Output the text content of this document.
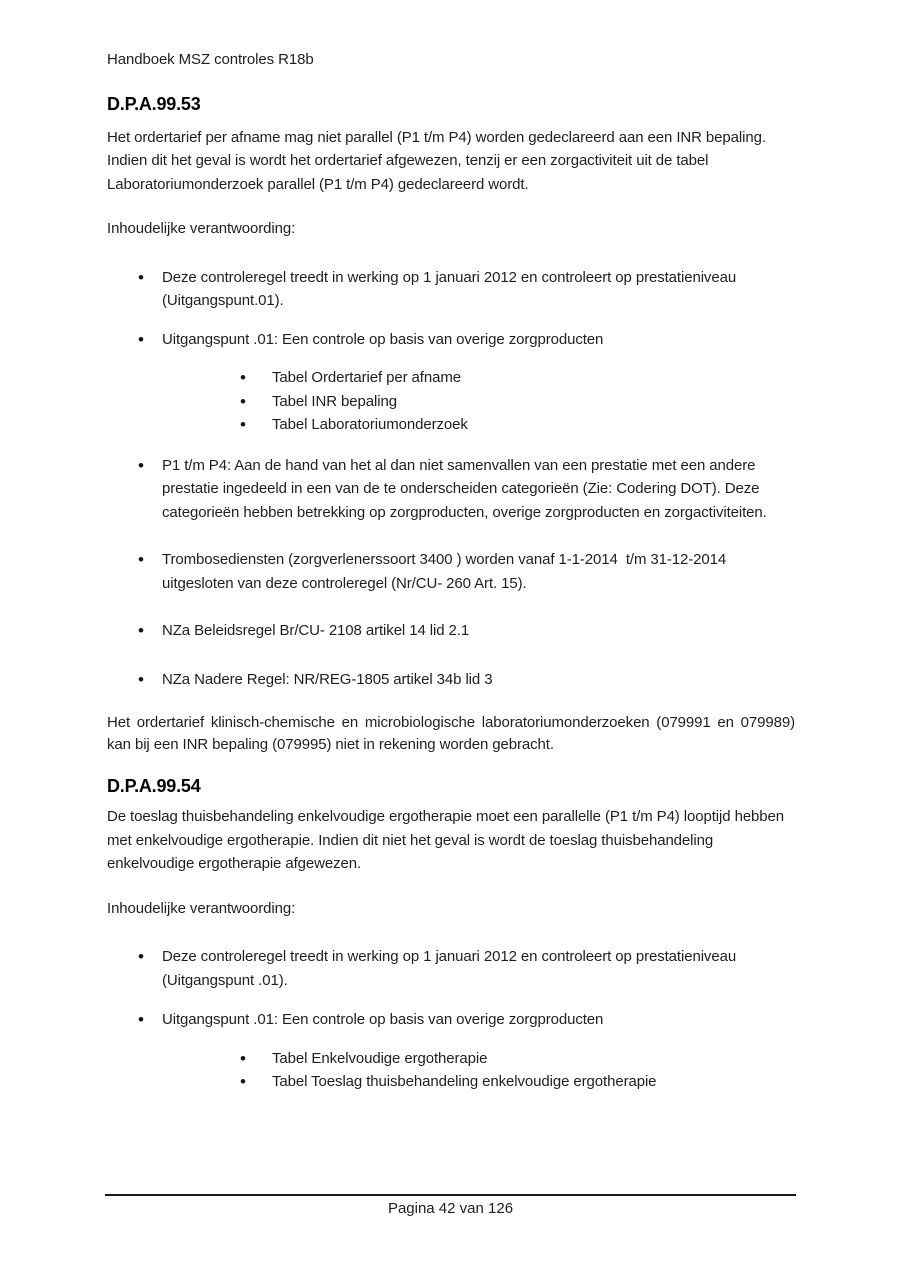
Handboek MSZ controles R18b
D.P.A.99.53

Het ordertarief per afname mag niet parallel (P1 t/m P4) worden gedeclareerd aan een INR bepaling. Indien dit het geval is wordt het ordertarief afgewezen, tenzij er een zorgactiviteit uit de tabel Laboratoriumonderzoek parallel (P1 t/m P4) gedeclareerd wordt.

Inhoudelijke verantwoording:

• Deze controleregel treedt in werking op 1 januari 2012 en controleert op prestatieniveau (Uitgangspunt.01).
• Uitgangspunt .01: Een controle op basis van overige zorgproducten
• Tabel Ordertarief per afname
• Tabel INR bepaling
• Tabel Laboratoriumonderzoek
• P1 t/m P4: Aan de hand van het al dan niet samenvallen van een prestatie met een andere prestatie ingedeeld in een van de te onderscheiden categorieën (Zie: Codering DOT). Deze categorieën hebben betrekking op zorgproducten, overige zorgproducten en zorgactiviteiten.
• Trombosediensten (zorgverlenerssoort 3400 ) worden vanaf 1-1-2014  t/m 31-12-2014 uitgesloten van deze controleregel (Nr/CU- 260 Art. 15).
• NZa Beleidsregel Br/CU- 2108 artikel 14 lid 2.1
• NZa Nadere Regel: NR/REG-1805 artikel 34b lid 3

Het ordertarief klinisch-chemische en microbiologische laboratoriumonderzoeken (079991 en 079989) kan bij een INR bepaling (079995) niet in rekening worden gebracht.

D.P.A.99.54

De toeslag thuisbehandeling enkelvoudige ergotherapie moet een parallelle (P1 t/m P4) looptijd hebben met enkelvoudige ergotherapie. Indien dit niet het geval is wordt de toeslag thuisbehandeling enkelvoudige ergotherapie afgewezen.

Inhoudelijke verantwoording:

• Deze controleregel treedt in werking op 1 januari 2012 en controleert op prestatieniveau (Uitgangspunt .01).
• Uitgangspunt .01: Een controle op basis van overige zorgproducten
• Tabel Enkelvoudige ergotherapie
• Tabel Toeslag thuisbehandeling enkelvoudige ergotherapie
Pagina 42 van 126
